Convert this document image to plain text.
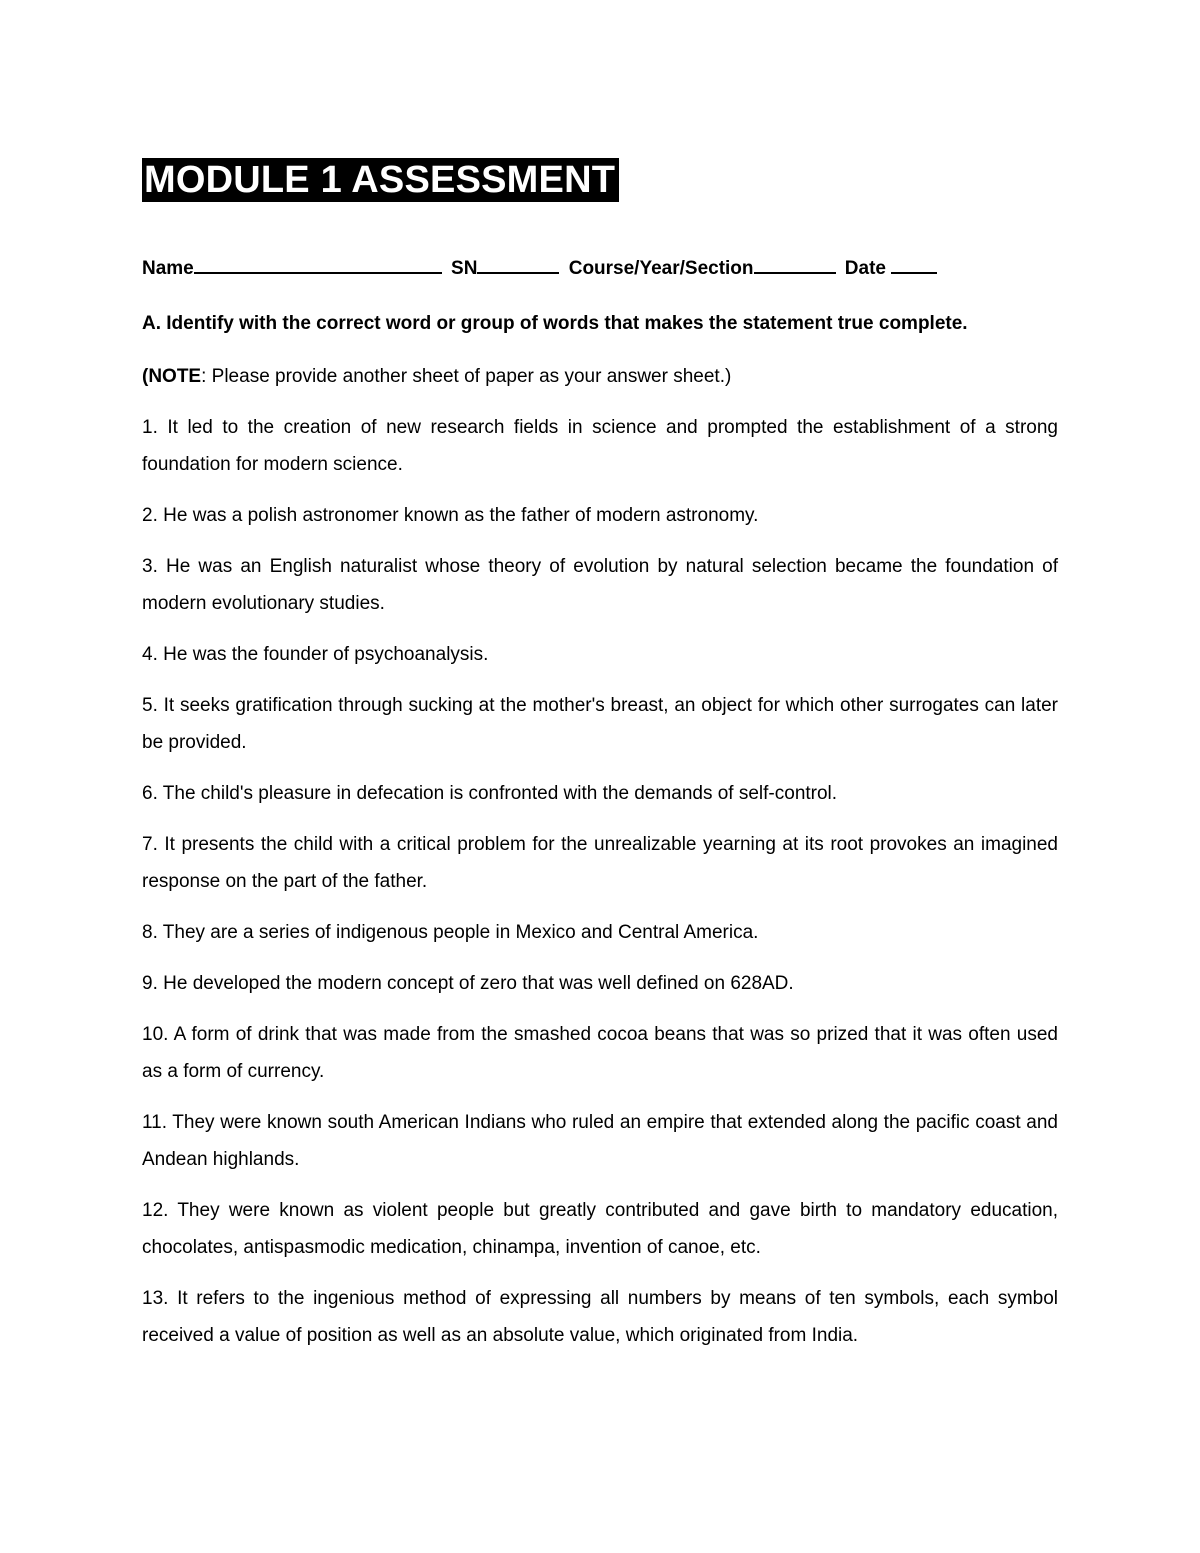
MODULE 1 ASSESSMENT
Name	SN	Course/Year/Section	Date
A. Identify with the correct word or group of words that makes the statement true complete.

(NOTE: Please provide another sheet of paper as your answer sheet.)

1. It led to the creation of new research fields in science and prompted the establishment of a strong foundation for modern science.

2. He was a polish astronomer known as the father of modern astronomy.

3. He was an English naturalist whose theory of evolution by natural selection became the foundation of modern evolutionary studies.

4. He was the founder of psychoanalysis.

5. It seeks gratification through sucking at the mother's breast, an object for which other surrogates can later be provided.

6. The child's pleasure in defecation is confronted with the demands of self-control.

7. It presents the child with a critical problem for the unrealizable yearning at its root provokes an imagined response on the part of the father.

8. They are a series of indigenous people in Mexico and Central America.

9. He developed the modern concept of zero that was well defined on 628AD.

10. A form of drink that was made from the smashed cocoa beans that was so prized that it was often used as a form of currency.

11. They were known south American Indians who ruled an empire that extended along the pacific coast and Andean highlands.

12. They were known as violent people but greatly contributed and gave birth to mandatory education, chocolates, antispasmodic medication, chinampa, invention of canoe, etc.

13. It refers to the ingenious method of expressing all numbers by means of ten symbols, each symbol received a value of position as well as an absolute value, which originated from India.
